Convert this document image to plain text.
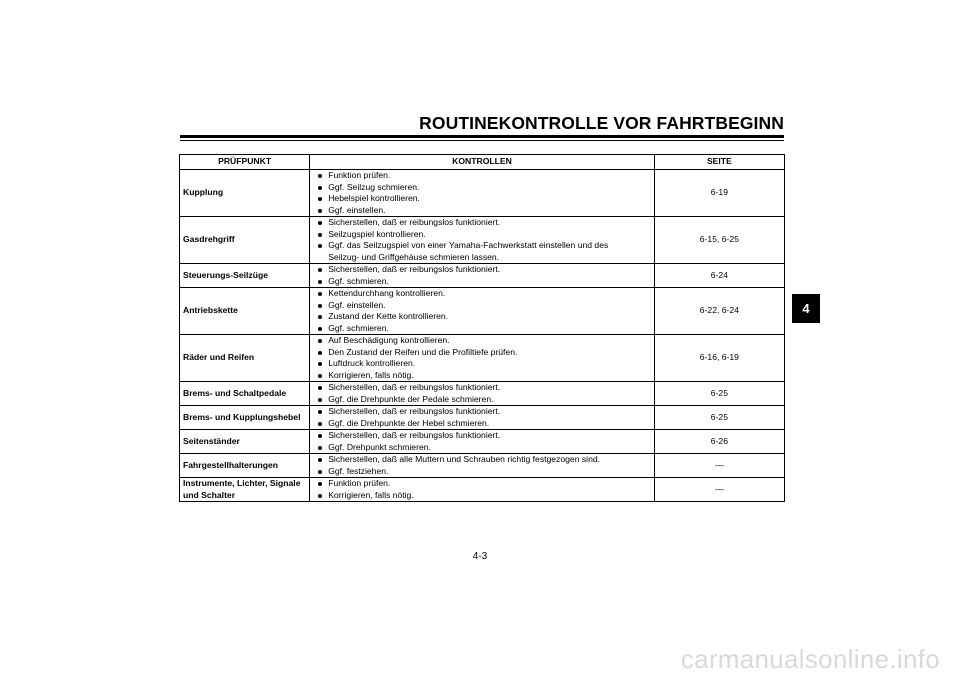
ROUTINEKONTROLLE VOR FAHRTBEGINN
PRÜFPUNKT	KONTROLLEN	SEITE
Kupplung	Funktion prüfen.
Ggf. Seilzug schmieren.
Hebelspiel kontrollieren.
Ggf. einstellen.	6-19
Gasdrehgriff	Sicherstellen, daß er reibungslos funktioniert.
Seilzugspiel kontrollieren.
Ggf. das Seilzugspiel von einer Yamaha-Fachwerkstatt einstellen und des
Seilzug- und Griffgehäuse schmieren lassen.	6-15, 6-25
Steuerungs-Seilzüge	Sicherstellen, daß er reibungslos funktioniert.
Ggf. schmieren.	6-24
Antriebskette	Kettendurchhang kontrollieren.
Ggf. einstellen.
Zustand der Kette kontrollieren.
Ggf. schmieren.	6-22, 6-24
Räder und Reifen	Auf Beschädigung kontrollieren.
Den Zustand der Reifen und die Profiltiefe prüfen.
Luftdruck kontrollieren.
Korrigieren, falls nötig.	6-16, 6-19
Brems- und Schaltpedale	Sicherstellen, daß er reibungslos funktioniert.
Ggf. die Drehpunkte der Pedale schmieren.	6-25
Brems- und Kupplungshebel	Sicherstellen, daß er reibungslos funktioniert.
Ggf. die Drehpunkte der Hebel schmieren.	6-25
Seitenständer	Sicherstellen, daß er reibungslos funktioniert.
Ggf. Drehpunkt schmieren.	6-26
Fahrgestellhalterungen	Sicherstellen, daß alle Muttern und Schrauben richtig festgezogen sind.
Ggf. festziehen.	—
Instrumente, Lichter, Signale und Schalter	Funktion prüfen.
Korrigieren, falls nötig.	—
4
4-3
carmanualsonline.info
